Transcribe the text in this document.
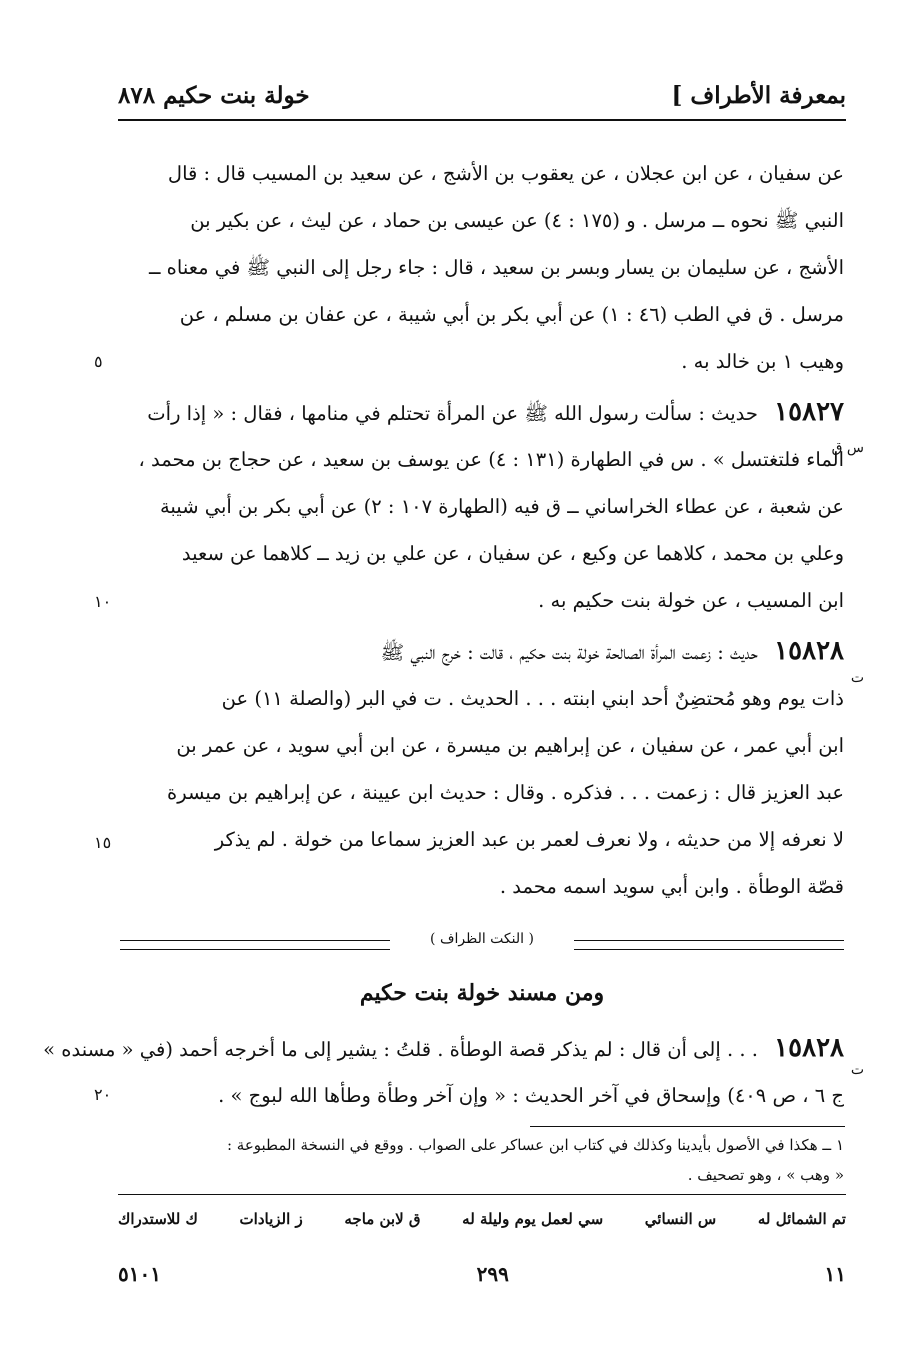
بمعرفة الأطراف ]
خولة بنت حكيم ٨٧٨
عن سفيان ، عن ابن عجلان ، عن يعقوب بن الأشج ، عن سعيد بن المسيب قال : قال
النبي ﷺ نحوه ــ مرسل . و (١٧٥ : ٤) عن عيسى بن حماد ، عن ليث ، عن بكير بن
الأشج ، عن سليمان بن يسار وبسر بن سعيد ، قال : جاء رجل إلى النبي ﷺ في معناه ــ
مرسل . ق في الطب (٤٦ : ١) عن أبي بكر بن أبي شيبة ، عن عفان بن مسلم ، عن
وهيب ١ بن خالد به .
٥
١٥٨٢٧ حديث : سألت رسول الله ﷺ عن المرأة تحتلم في منامها ، فقال : « إذا رأت
الماء فلتغتسل » . س في الطهارة (١٣١ : ٤) عن يوسف بن سعيد ، عن حجاج بن محمد ،
عن شعبة ، عن عطاء الخراساني ــ ق فيه (الطهارة ١٠٧ : ٢) عن أبي بكر بن أبي شيبة
وعلي بن محمد ، كلاهما عن وكيع ، عن سفيان ، عن علي بن زيد ــ كلاهما عن سعيد
ابن المسيب ، عن خولة بنت حكيم به .
س ق
١٠
١٥٨٢٨ حديث : زعمت المرأة الصالحة خولة بنت حكيم ، قالت : خرج النبي ﷺ
ذات يوم وهو مُحتضِنٌ أحد ابني ابنته . . . الحديث . ت في البر (والصلة ١١) عن
ابن أبي عمر ، عن سفيان ، عن إبراهيم بن ميسرة ، عن ابن أبي سويد ، عن عمر بن
عبد العزيز قال : زعمت . . . فذكره . وقال : حديث ابن عيينة ، عن إبراهيم بن ميسرة
لا نعرفه إلا من حديثه ، ولا نعرف لعمر بن عبد العزيز سماعا من خولة . لم يذكر
قصّة الوطأة . وابن أبي سويد اسمه محمد .
ت
١٥
( النكت الظراف )
ومن مسند خولة بنت حكيم
١٥٨٢٨ . . . إلى أن قال : لم يذكر قصة الوطأة . قلتُ : يشير إلى ما أخرجه أحمد (في « مسنده »
ج ٦ ، ص ٤٠٩) وإسحاق في آخر الحديث : « وإن آخر وطأة وطأها الله لبوج » .
ت
٢٠
١ ــ هكذا في الأصول بأيدينا وكذلك في كتاب ابن عساكر على الصواب . ووقع في النسخة المطبوعة :
« وهب » ، وهو تصحيف .
تم الشمائل له
س النسائي
سي لعمل يوم وليلة له
ق لابن ماجه
ز الزيادات
ك للاستدراك
١١
٢٩٩
٥١٠١
